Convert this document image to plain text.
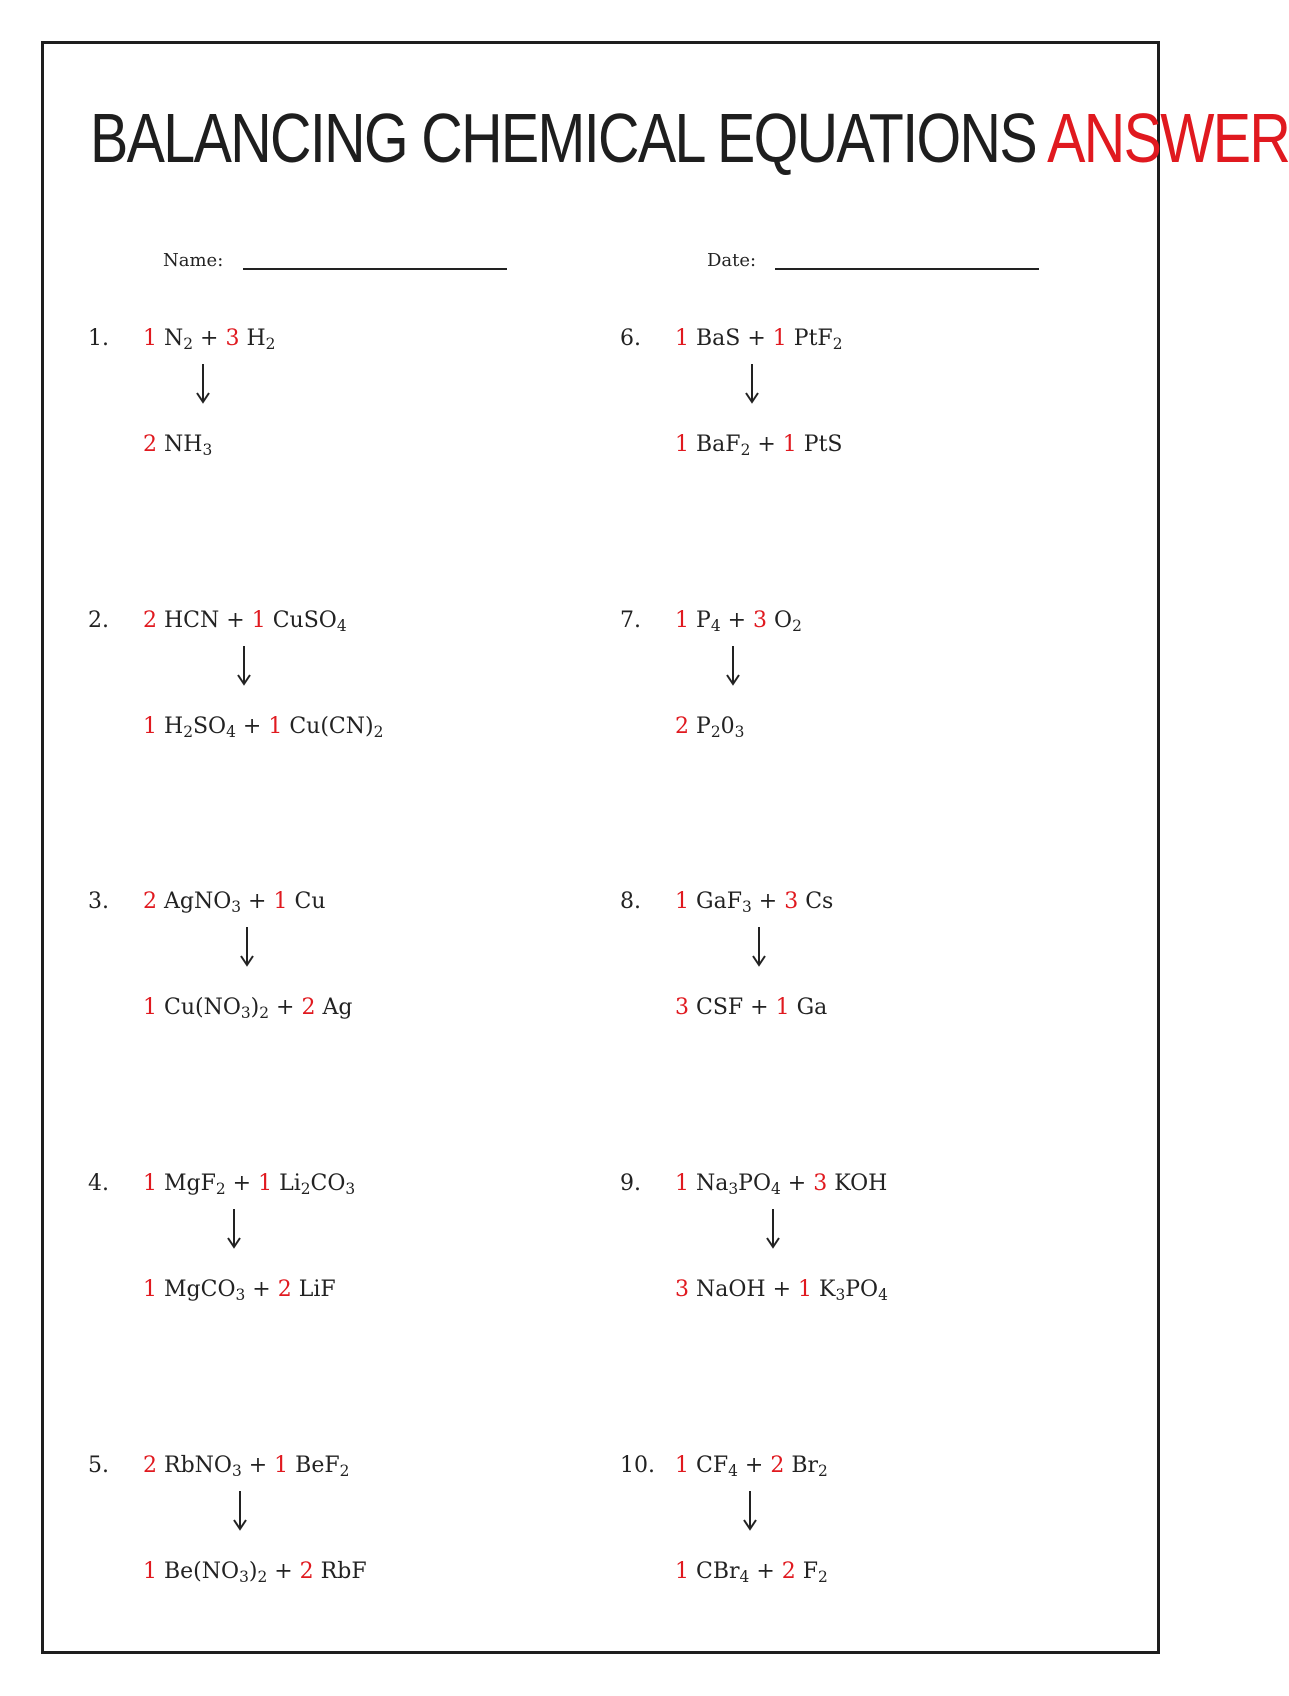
BALANCING CHEMICAL EQUATIONS ANSWER
Name:	Date:
1. 1 $N_2 + 3$ $H_2$
2 $NH_3$
2. 2 HCN + 1 CuSO$_4$
1 $H_2SO_4 + 1$ $Cu(CN)_2$
3. 2 AgNO$_3$ + 1 Cu
1 $Cu(NO_3)_2 + 2$ Ag
4. 1 MgF$_2$ + 1 $Li_2CO_3$
1 MgCO$_3$ + 2 LiF
5. 2 RbNO$_3$ + 1 BeF$_2$
1 $Be(NO_3)_2 + 2$ RbF
6. 1 BaS + 1 PtF$_2$
1 BaF$_2$ + 1 PtS
7. 1 $P_4 + 3$ $O_2$
2 $P_20_3$
8. 1 GaF$_3$ + 3 Cs
3 CSF + 1 Ga
9. 1 $Na_3PO_4 + 3$ KOH
3 NaOH + 1 $K_3PO_4$
10. 1 $CF_4 + 2$ $Br_2$
1 CBr$_4$ + 2 $F_2$
